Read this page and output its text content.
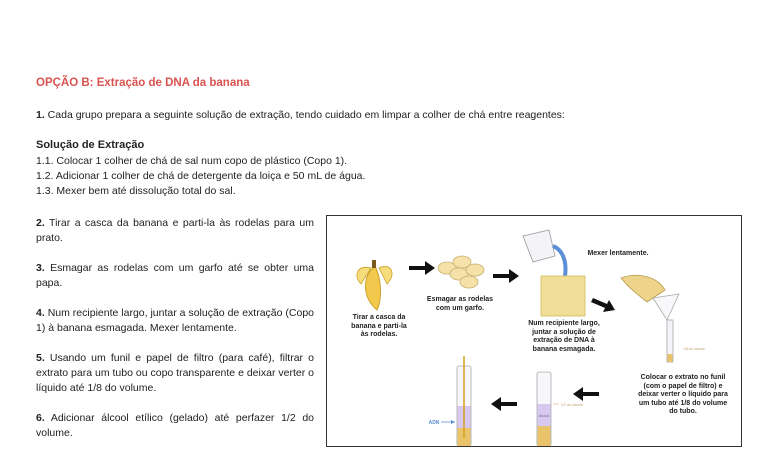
OPÇÃO B: Extração de DNA da banana
1. Cada grupo prepara a seguinte solução de extração, tendo cuidado em limpar a colher de chá entre reagentes:
Solução de Extração
1.1. Colocar 1 colher de chá de sal num copo de plástico (Copo 1).
1.2. Adicionar 1 colher de chá de detergente da loiça e 50 mL de água.
1.3. Mexer bem até dissolução total do sal.

2. Tirar a casca da banana e parti-la às rodelas para um prato.

3. Esmagar as rodelas com um garfo até se obter uma papa.

4. Num recipiente largo, juntar a solução de extração (Copo 1) à banana esmagada. Mexer lentamente.

5. Usando um funil e papel de filtro (para café), filtrar o extrato para um tubo ou copo transparente e deixar verter o líquido até 1/8 do volume.

6. Adicionar álcool etílico (gelado) até perfazer 1/2 do volume.

1/8 do volume
1/2 do volume
Tirar a casca da banana e parti-la às rodelas.
Esmagar as rodelas com um garfo.
Mexer lentamente.
Num recipiente largo, juntar a solução de extração de DNA à banana esmagada.
Colocar o extrato no funil (com o papel de filtro) e deixar verter o líquido para um tubo até 1/8 do volume do tubo.
ADN
álcool
